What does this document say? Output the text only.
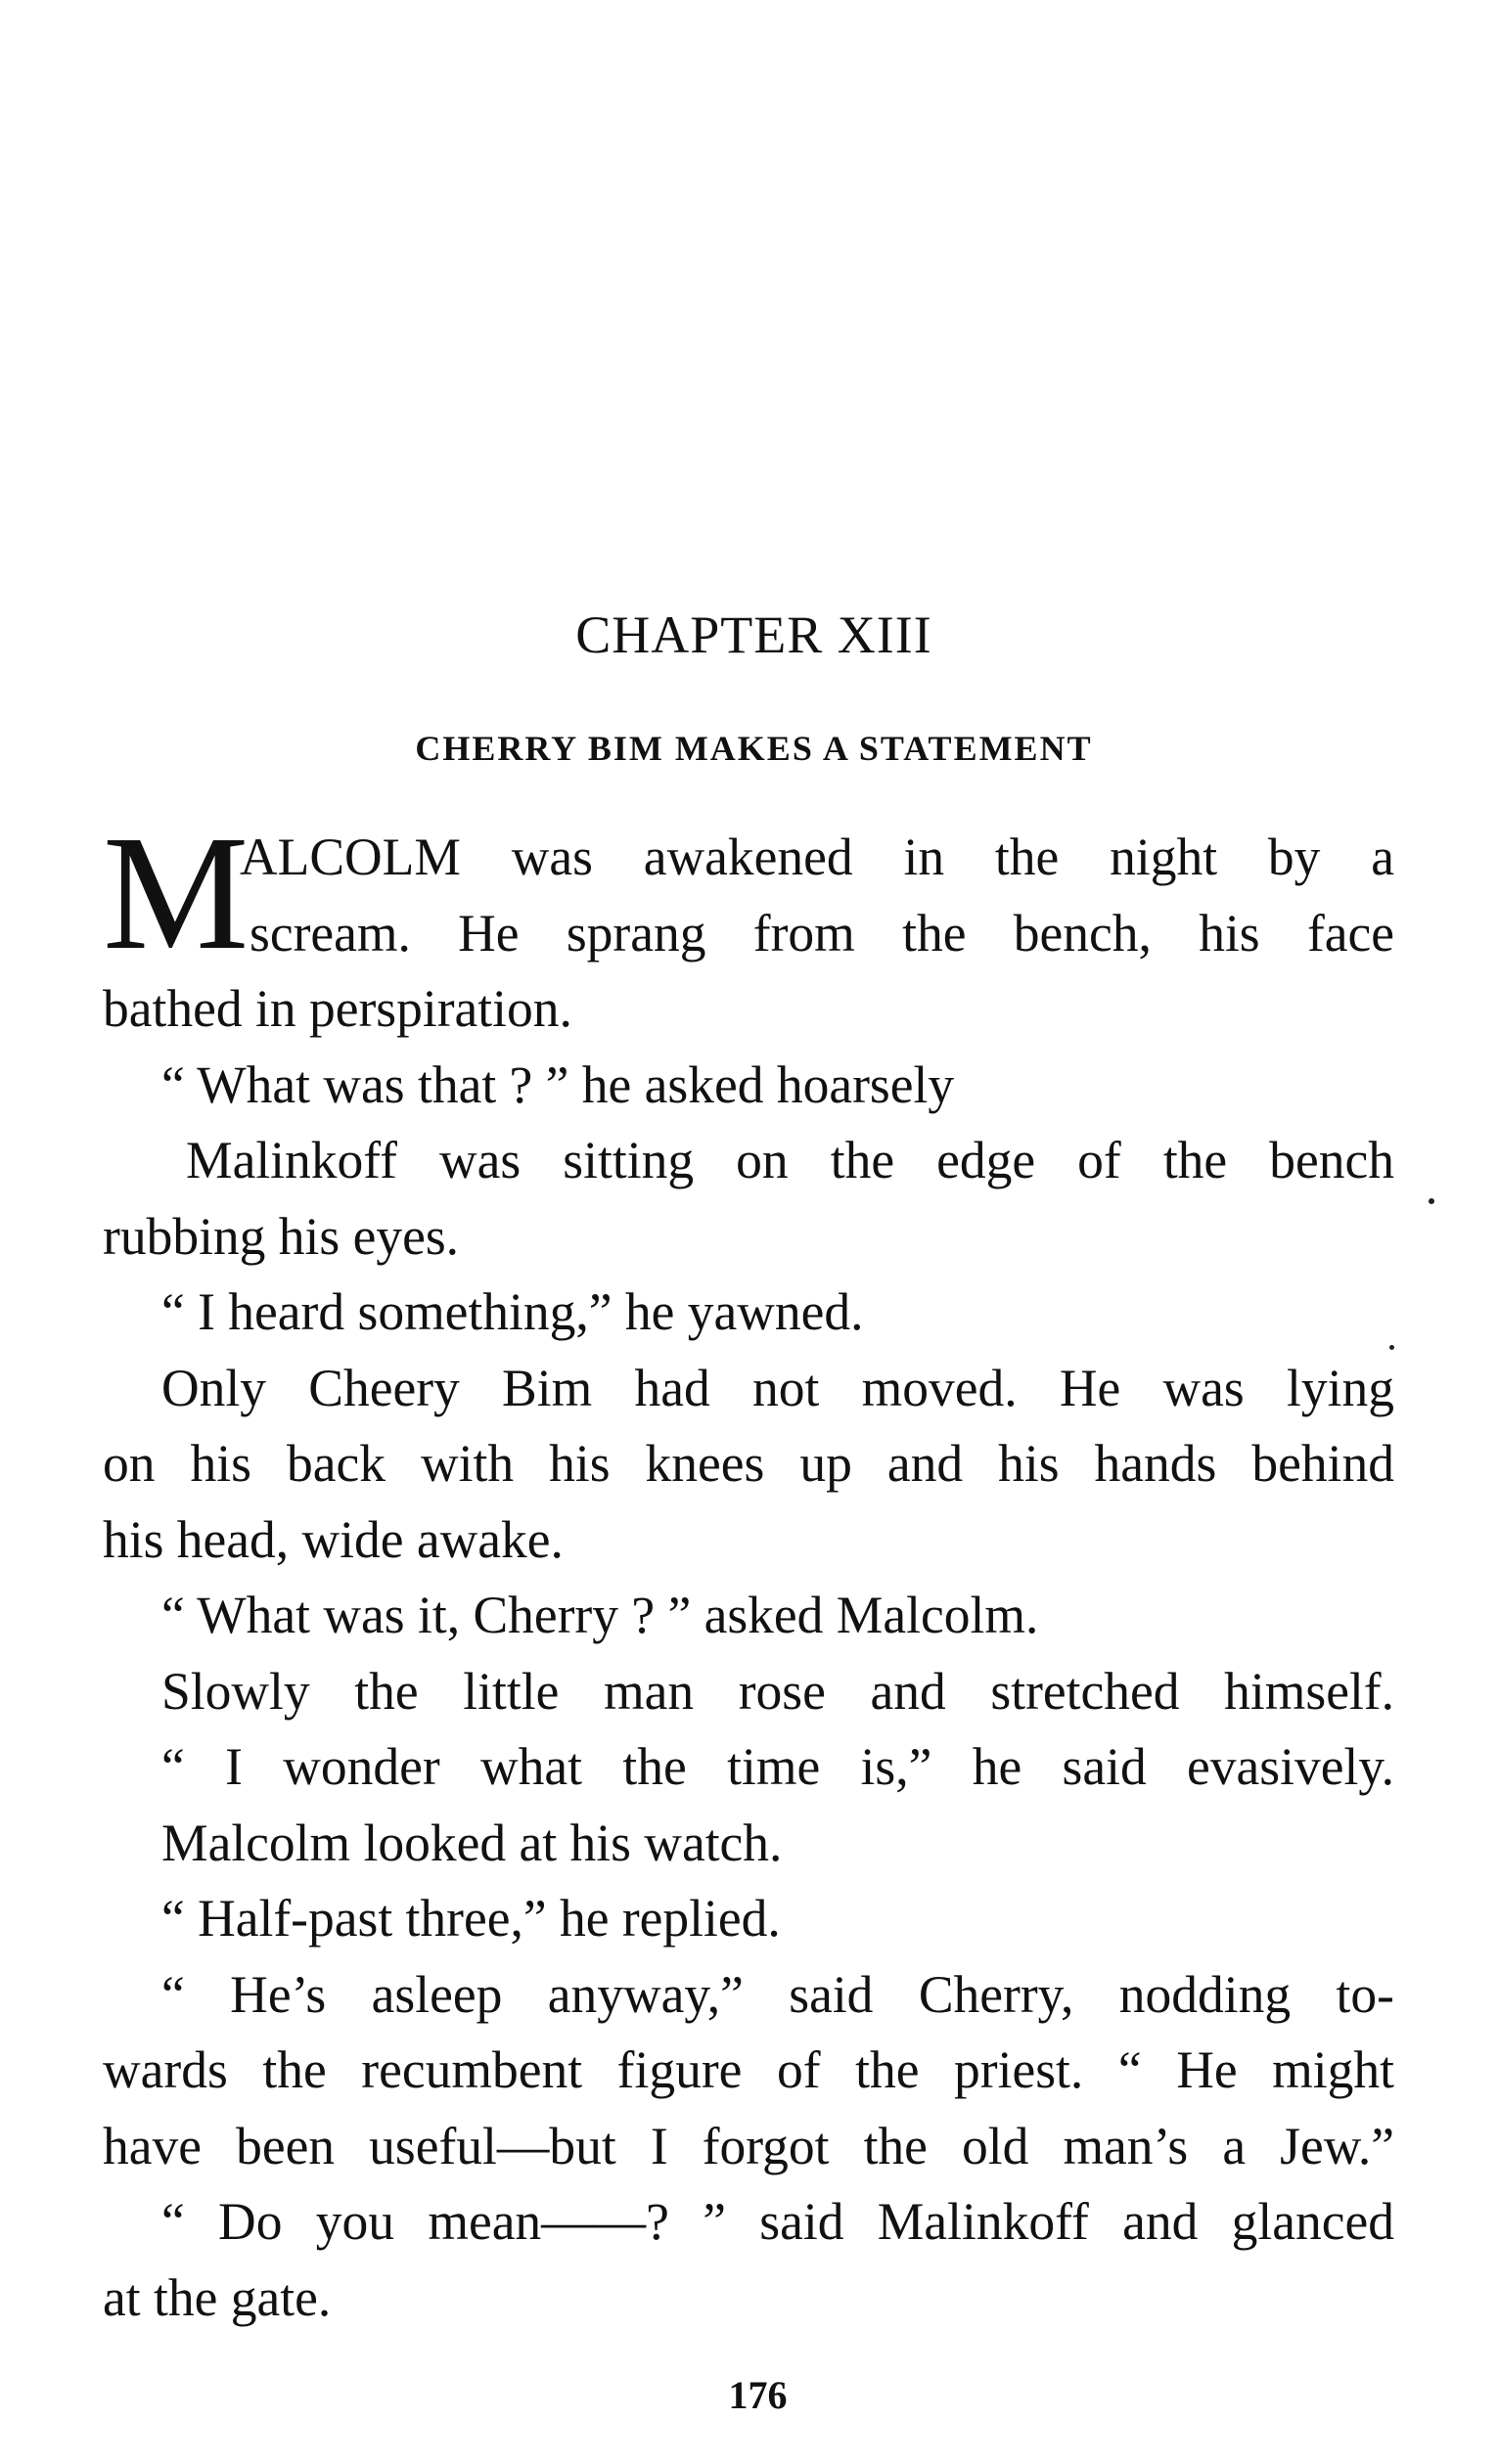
CHAPTER XIII
CHERRY BIM MAKES A STATEMENT
M
ALCOLM was awakened in the night by a
scream. He sprang from the bench, his face
bathed in perspiration.
“ What was that ? ” he asked hoarsely
Malinkoff was sitting on the edge of the bench
rubbing his eyes.
“ I heard something,” he yawned.
Only Cheery Bim had not moved. He was lying
on his back with his knees up and his hands behind
his head, wide awake.
“ What was it, Cherry ? ” asked Malcolm.
Slowly the little man rose and stretched himself.
“ I wonder what the time is,” he said evasively.
Malcolm looked at his watch.
“ Half-past three,” he replied.
“ He’s asleep anyway,” said Cherry, nodding to-
wards the recumbent figure of the priest. “ He might
have been useful—but I forgot the old man’s a Jew.”
“ Do you mean——? ” said Malinkoff and glanced
at the gate.
176
